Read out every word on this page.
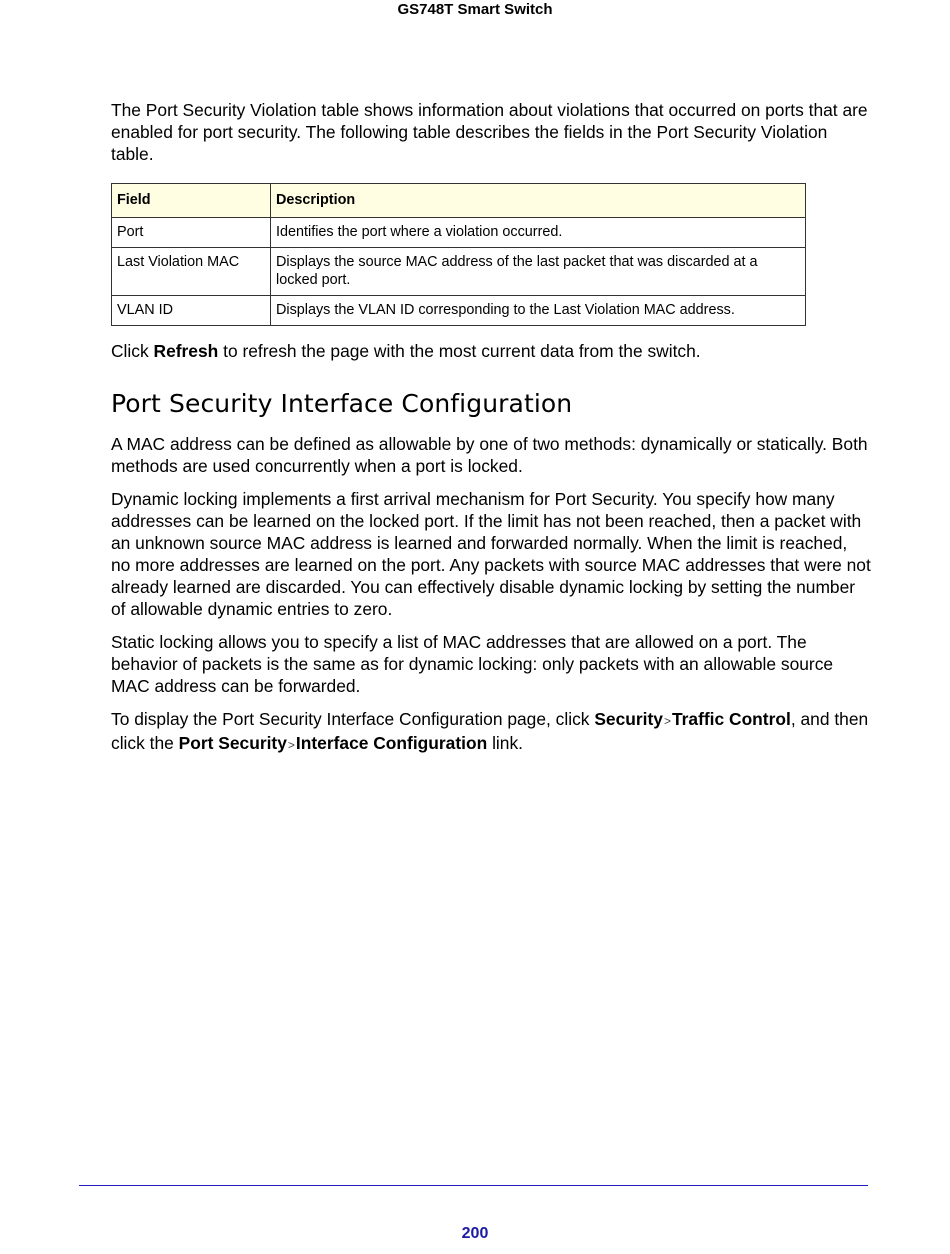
GS748T Smart Switch

The Port Security Violation table shows information about violations that occurred on ports that are enabled for port security. The following table describes the fields in the Port Security Violation table.

Field	Description
Port	Identifies the port where a violation occurred.
Last Violation MAC	Displays the source MAC address of the last packet that was discarded at a locked port.
VLAN ID	Displays the VLAN ID corresponding to the Last Violation MAC address.

Click Refresh to refresh the page with the most current data from the switch.

Port Security Interface Configuration

A MAC address can be defined as allowable by one of two methods: dynamically or statically. Both methods are used concurrently when a port is locked.

Dynamic locking implements a first arrival mechanism for Port Security. You specify how many addresses can be learned on the locked port. If the limit has not been reached, then a packet with an unknown source MAC address is learned and forwarded normally. When the limit is reached, no more addresses are learned on the port. Any packets with source MAC addresses that were not already learned are discarded. You can effectively disable dynamic locking by setting the number of allowable dynamic entries to zero.

Static locking allows you to specify a list of MAC addresses that are allowed on a port. The behavior of packets is the same as for dynamic locking: only packets with an allowable source MAC address can be forwarded.

To display the Port Security Interface Configuration page, click Security>Traffic Control, and then click the Port Security>Interface Configuration link.

200
